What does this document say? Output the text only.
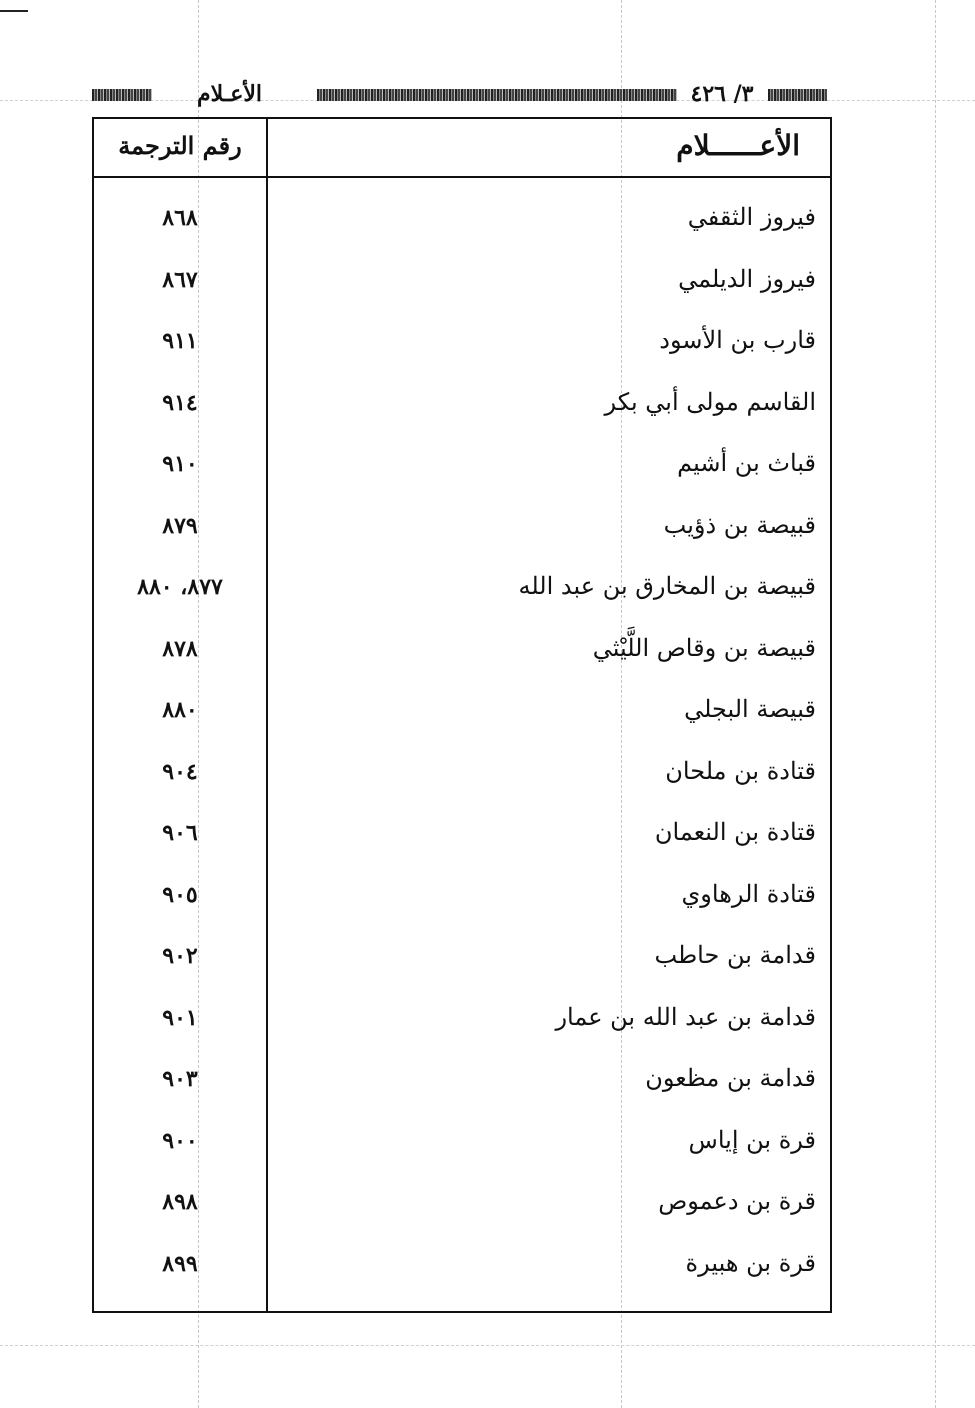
الأعـلام	٣/ ٤٢٦
الأعــــــلام
رقم الترجمة
فيروز الثقفي
٨٦٨
فيروز الديلمي
٨٦٧
قارب بن الأسود
٩١١
القاسم مولى أبي بكر
٩١٤
قباث بن أشيم
٩١٠
قبيصة بن ذؤيب
٨٧٩
قبيصة بن المخارق بن عبد الله
٨٧٧، ٨٨٠
قبيصة بن وقاص اللَّيْثي
٨٧٨
قبيصة البجلي
٨٨٠
قتادة بن ملحان
٩٠٤
قتادة بن النعمان
٩٠٦
قتادة الرهاوي
٩٠٥
قدامة بن حاطب
٩٠٢
قدامة بن عبد الله بن عمار
٩٠١
قدامة بن مظعون
٩٠٣
قرة بن إياس
٩٠٠
قرة بن دعموص
٨٩٨
قرة بن هبيرة
٨٩٩
